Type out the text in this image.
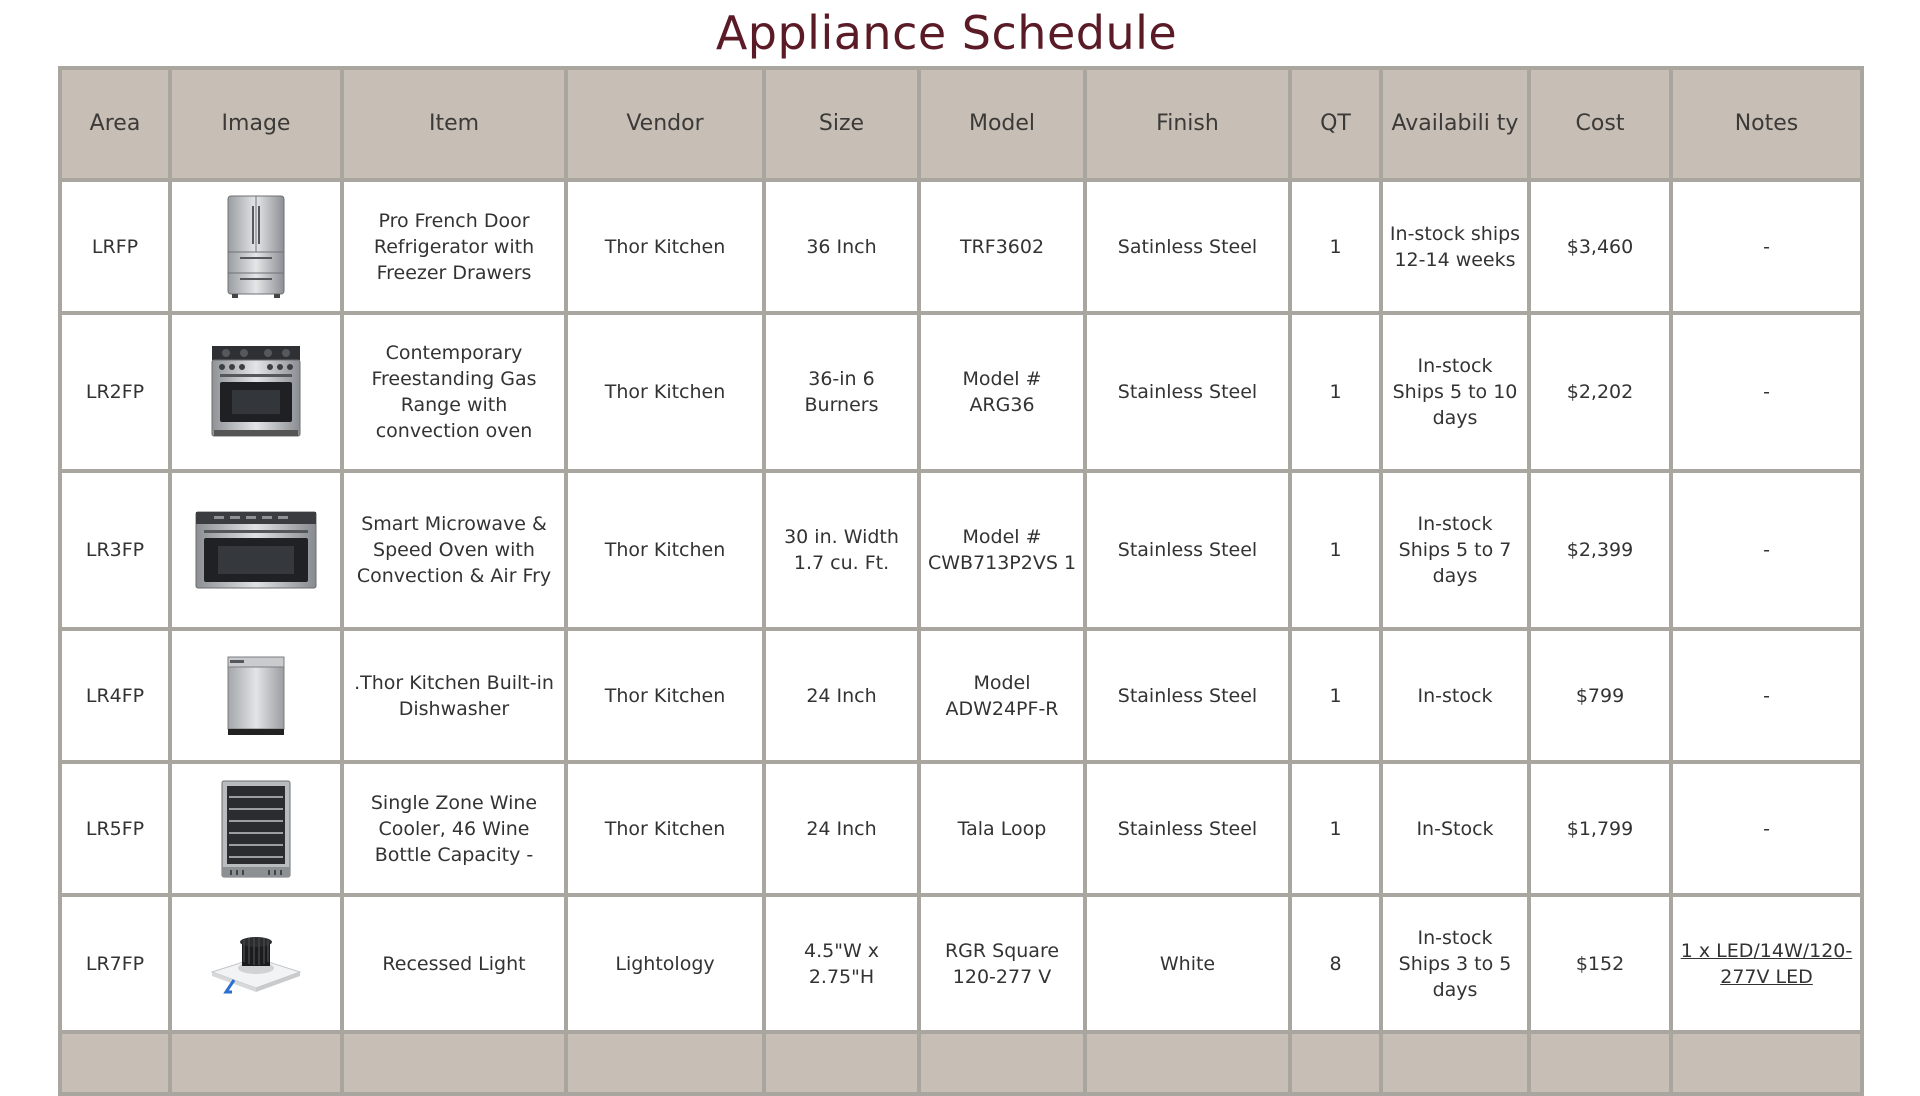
Appliance Schedule
Area	Image	Item	Vendor	Size	Model	Finish	QT	Availabili ty	Cost	Notes
LRFP		Pro French Door Refrigerator with Freezer Drawers	Thor Kitchen	36 Inch	TRF3602	Satinless Steel	1	In-stock ships 12-14 weeks	$3,460	-
LR2FP		Contemporary Freestanding Gas Range with convection oven	Thor Kitchen	36-in 6 Burners	Model # ARG36	Stainless Steel	1	In-stock Ships 5 to 10 days	$2,202	-
LR3FP		Smart Microwave & Speed Oven with Convection & Air Fry	Thor Kitchen	30 in. Width 1.7 cu. Ft.	Model # CWB713P2VS 1	Stainless Steel	1	In-stock Ships 5 to 7 days	$2,399	-
LR4FP		.Thor Kitchen Built-in Dishwasher	Thor Kitchen	24 Inch	Model ADW24PF-R	Stainless Steel	1	In-stock	$799	-
LR5FP		Single Zone Wine Cooler, 46 Wine Bottle Capacity -	Thor Kitchen	24 Inch	Tala Loop	Stainless Steel	1	In-Stock	$1,799	-
LR7FP		Recessed Light	Lightology	4.5"W x 2.75"H	RGR Square 120-277 V	White	8	In-stock Ships 3 to 5 days	$152	1 x LED/14W/120-277V LED
